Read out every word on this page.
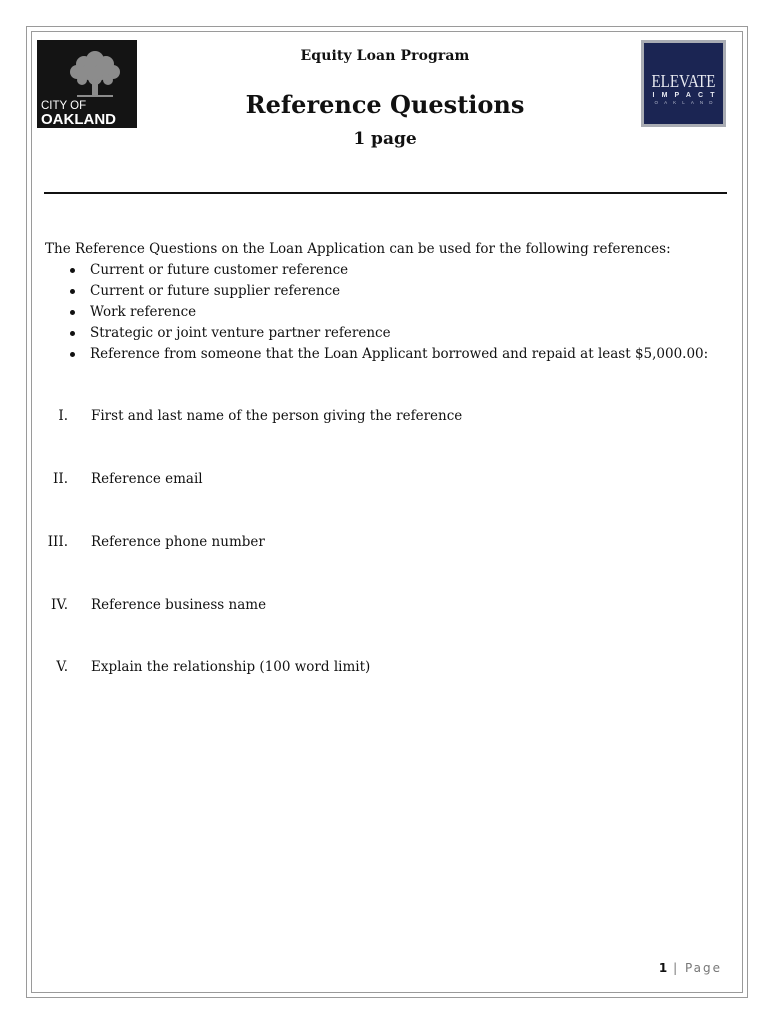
CITY OF
OAKLAND
ELEVATE
IMPACT
OAKLAND
Equity Loan Program
Reference Questions
1 page
The Reference Questions on the Loan Application can be used for the following references:
Current or future customer reference
Current or future supplier reference
Work reference
Strategic or joint venture partner reference
Reference from someone that the Loan Applicant borrowed and repaid at least $5,000.00:
I. First and last name of the person giving the reference
II. Reference email
III. Reference phone number
IV. Reference business name
V. Explain the relationship (100 word limit)
1 | Page
